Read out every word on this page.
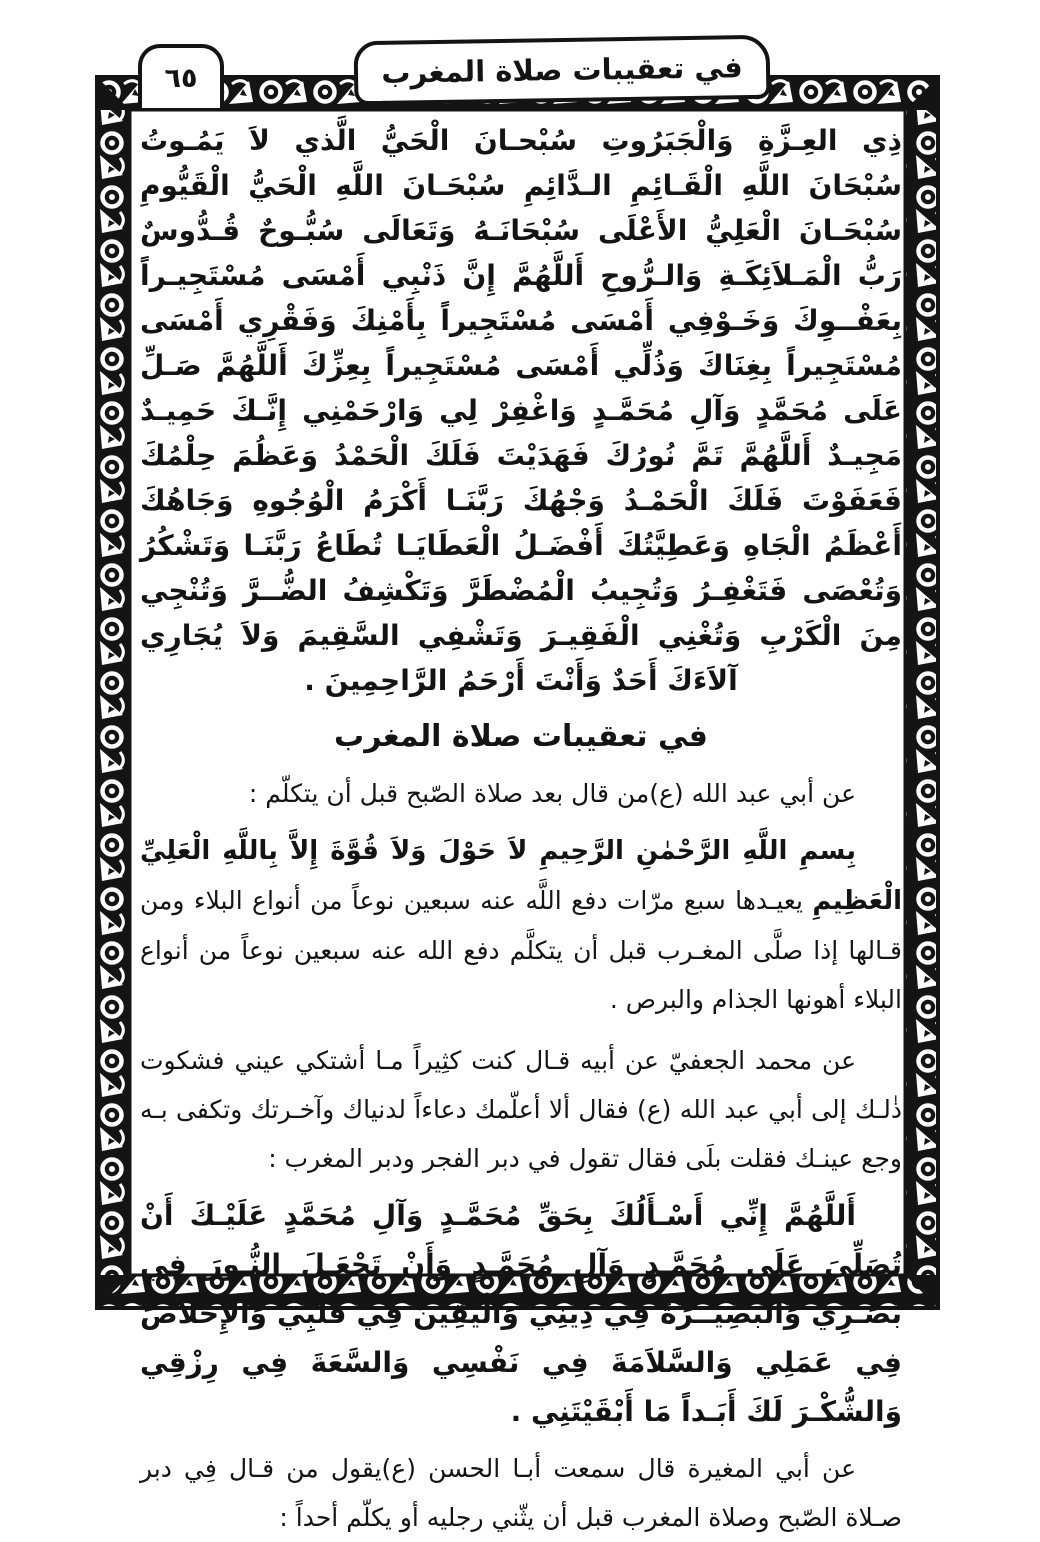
٦٥	في تعقيبات صلاة المغرب

ذِي العِـزَّةِ وَالْجَبَرُوتِ سُبْحـانَ الْحَيُّ الَّذي لاَ يَمُـوتُ سُبْحَانَ اللَّهِ الْقَـائِمِ الـدَّائِمِ سُبْحَـانَ اللَّهِ الْحَيُّ الْقَيُّومِ سُبْحَـانَ الْعَلِيُّ الأَعْلَى سُبْحَانَـهُ وَتَعَالَى سُبُّـوحٌ قُـدُّوسٌ رَبُّ الْمَـلاَئِكَـةِ وَالـرُّوحِ أَللَّهُمَّ إِنَّ ذَنْبِي أَمْسَى مُسْتَجِيـراً بِعَفْــوِكَ وَخَـوْفِي أَمْسَى مُسْتَجِيراً بِأَمْنِكَ وَفَقْرِي أَمْسَى مُسْتَجِيراً بِغِنَاكَ وَذُلِّي أَمْسَى مُسْتَجِيراً بِعِزِّكَ أَللَّهُمَّ صَـلِّ عَلَى مُحَمَّدٍ وَآلِ مُحَمَّـدٍ وَاغْفِرْ لِي وَارْحَمْنِي إِنَّـكَ حَمِيـدٌ مَجِيـدٌ أَللَّهُمَّ تَمَّ نُورُكَ فَهَدَيْتَ فَلَكَ الْحَمْدُ وَعَظُمَ حِلْمُكَ فَعَفَوْتَ فَلَكَ الْحَمْـدُ وَجْهُكَ رَبَّنَـا أَكْرَمُ الْوُجُوهِ وَجَاهُكَ أَعْظَمُ الْجَاهِ وَعَطِيَّتُكَ أَفْضَـلُ الْعَطَايَـا تُطَاعُ رَبَّنَـا وَتَشْكُرُ وَتُعْصَى فَتَغْفِـرُ وَتُجِيبُ الْمُضْطَرَّ وَتَكْشِفُ الضُّــرَّ وَتُنْجِي مِنَ الْكَرْبِ وَتُغْنِي الْفَقِيـرَ وَتَشْفِي السَّقِيمَ وَلاَ يُجَارِي آلاَءَكَ أَحَدٌ وَأَنْتَ أَرْحَمُ الرَّاحِمِينَ .

في تعقيبات صلاة المغرب

عن أبي عبد الله (ع)من قال بعد صلاة الصّبح قبل أن يتكلّم :

بِسمِ اللَّهِ الرَّحْمٰنِ الرَّحِيمِ لاَ حَوْلَ وَلاَ قُوَّةَ إِلاَّ بِاللَّهِ الْعَلِيِّ الْعَظِيمِ يعيـدها سبع مرّات دفع اللَّه عنه سبعين نوعاً من أنواع البلاء ومن قـالها إذا صلَّى المغـرب قبل أن يتكلَّم دفع الله عنه سبعين نوعاً من أنواع البلاء أهونها الجذام والبرص .

عن محمد الجعفيّ عن أبيه قـال كنت كثِيراً مـا أشتكي عيني فشكوت ذٰلـك إلى أبي عبد الله (ع) فقال ألا أعلّمك دعاءاً لدنياك وآخـرتك وتكفى بـه وجع عينـك فقلت بلَى فقال تقول في دبر الفجر ودبر المغرب :

أَللَّهُمَّ إِنِّي أَسْـأَلُكَ بِحَقِّ مُحَمَّـدٍ وَآلِ مُحَمَّدٍ عَلَيْـكَ أَنْ تُصَلِّيَ عَلَى مُحَمَّـدٍ وَآلِ مُحَمَّـدٍ وَأَنْ تَجْعَـلَ النُّـورَ فِي بَصَـرِي وَالْبَصِيــرَةَ فِي دِينِي وَالْيَقِينَ فِي قَلْبِي وَالإِخْلاَصَ فِي عَمَلِي وَالسَّلاَمَةَ فِي نَفْسِي وَالسَّعَةَ فِي رِزْقِي وَالشُّكْـرَ لَكَ أَبَـداً مَا أَبْقَيْتَنِي .

عن أبي المغيرة قال سمعت أبـا الحسن (ع)يقول من قـال فِي دبر صـلاة الصّبح وصلاة المغرب قبل أن يثّني رجليه أو يكلّم أحداً :
